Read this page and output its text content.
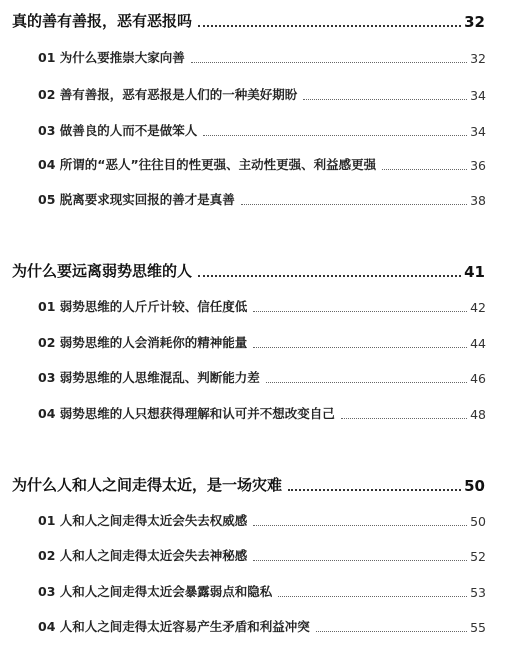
真的善有善报，恶有恶报吗	32
01 为什么要推崇大家向善	32
02 善有善报，恶有恶报是人们的一种美好期盼	34
03 做善良的人而不是做笨人	34
04 所谓的“恶人”往往目的性更强、主动性更强、利益感更强	36
05 脱离要求现实回报的善才是真善	38
为什么要远离弱势思维的人	41
01 弱势思维的人斤斤计较、信任度低	42
02 弱势思维的人会消耗你的精神能量	44
03 弱势思维的人思维混乱、判断能力差	46
04 弱势思维的人只想获得理解和认可并不想改变自己	48
为什么人和人之间走得太近，是一场灾难	50
01 人和人之间走得太近会失去权威感	50
02 人和人之间走得太近会失去神秘感	52
03 人和人之间走得太近会暴露弱点和隐私	53
04 人和人之间走得太近容易产生矛盾和利益冲突	55
